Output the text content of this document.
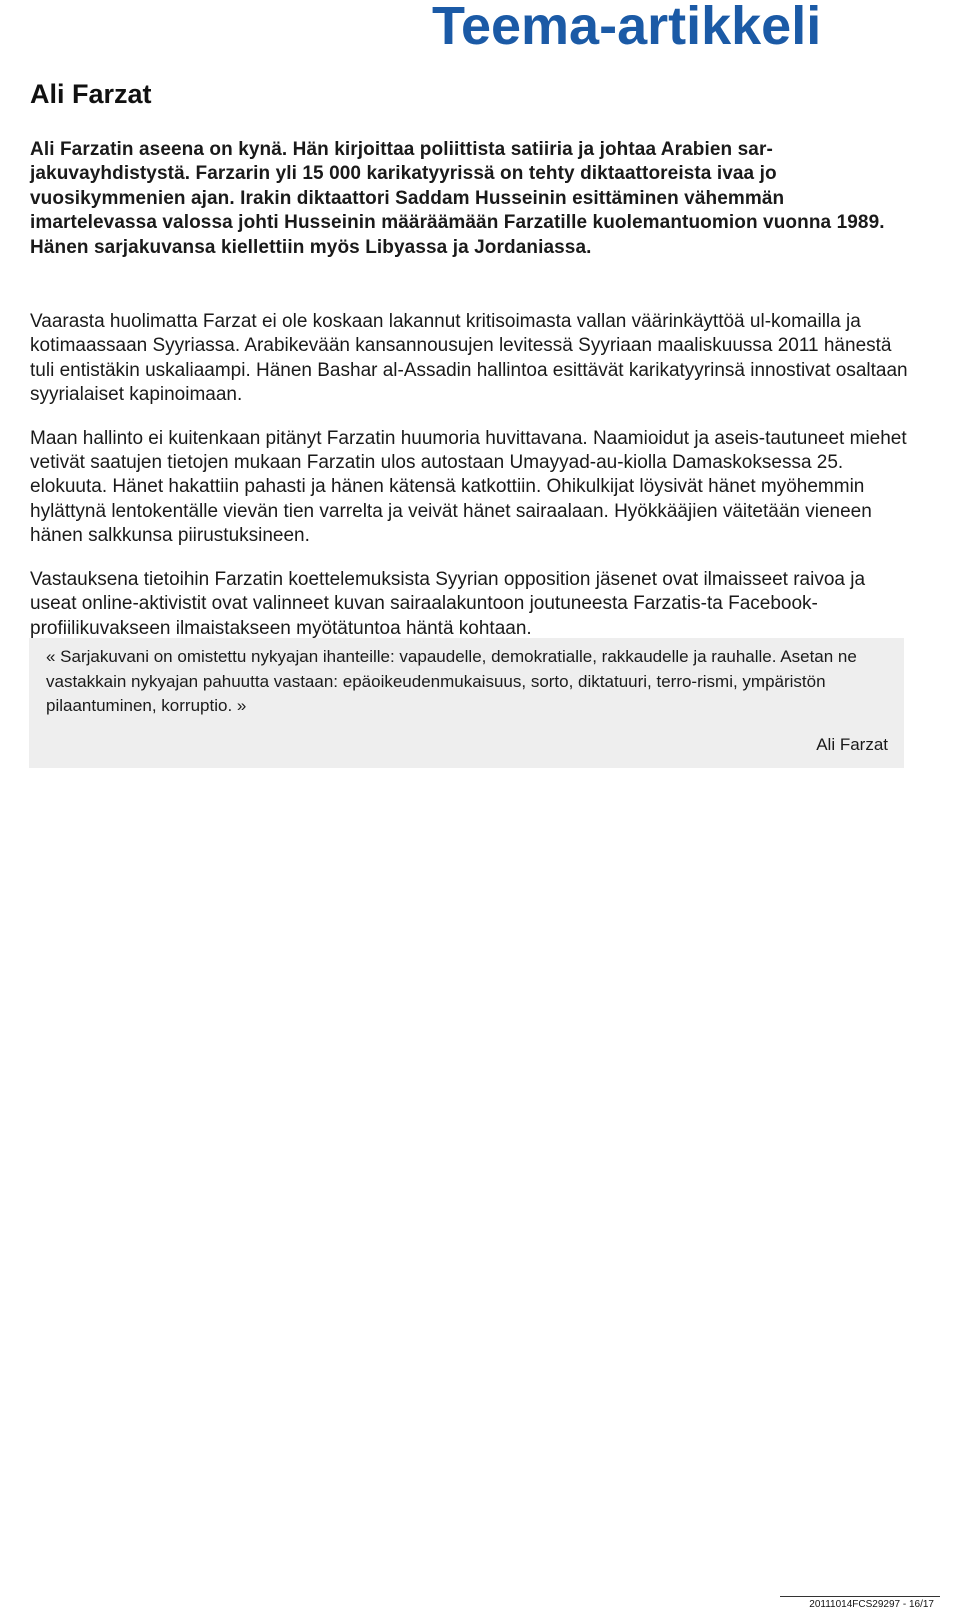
Teema-artikkeli
Ali Farzat

Ali Farzatin aseena on kynä. Hän kirjoittaa poliittista satiiria ja johtaa Arabien sar-jakuvayhdistystä. Farzarin yli 15 000 karikatyyrissä on tehty diktaattoreista ivaa jo vuosikymmenien ajan. Irakin diktaattori Saddam Husseinin esittäminen vähemmän imartelevassa valossa johti Husseinin määräämään Farzatille kuolemantuomion vuonna 1989. Hänen sarjakuvansa kiellettiin myös Libyassa ja Jordaniassa.

Vaarasta huolimatta Farzat ei ole koskaan lakannut kritisoimasta vallan väärinkäyttöä ul-komailla ja kotimaassaan Syyriassa. Arabikevään kansannousujen levitessä Syyriaan maaliskuussa 2011 hänestä tuli entistäkin uskaliaampi. Hänen Bashar al-Assadin hallintoa esittävät karikatyyrinsä innostivat osaltaan syyrialaiset kapinoimaan.

Maan hallinto ei kuitenkaan pitänyt Farzatin huumoria huvittavana. Naamioidut ja aseis-tautuneet miehet vetivät saatujen tietojen mukaan Farzatin ulos autostaan Umayyad-au-kiolla Damaskoksessa 25. elokuuta. Hänet hakattiin pahasti ja hänen kätensä katkottiin. Ohikulkijat löysivät hänet myöhemmin hylättynä lentokentälle vievän tien varrelta ja veivät hänet sairaalaan. Hyökkääjien väitetään vieneen hänen salkkunsa piirustuksineen.

Vastauksena tietoihin Farzatin koettelemuksista Syyrian opposition jäsenet ovat ilmaisseet raivoa ja useat online-aktivistit ovat valinneet kuvan sairaalakuntoon joutuneesta Farzatis-ta Facebook-profiilikuvakseen ilmaistakseen myötätuntoa häntä kohtaan.

« Sarjakuvani on omistettu nykyajan ihanteille: vapaudelle, demokratialle, rakkaudelle ja rauhalle. Asetan ne vastakkain nykyajan pahuutta vastaan: epäoikeudenmukaisuus, sorto, diktatuuri, terro-rismi, ympäristön pilaantuminen, korruptio. »

Ali Farzat

20111014FCS29297 - 16/17
